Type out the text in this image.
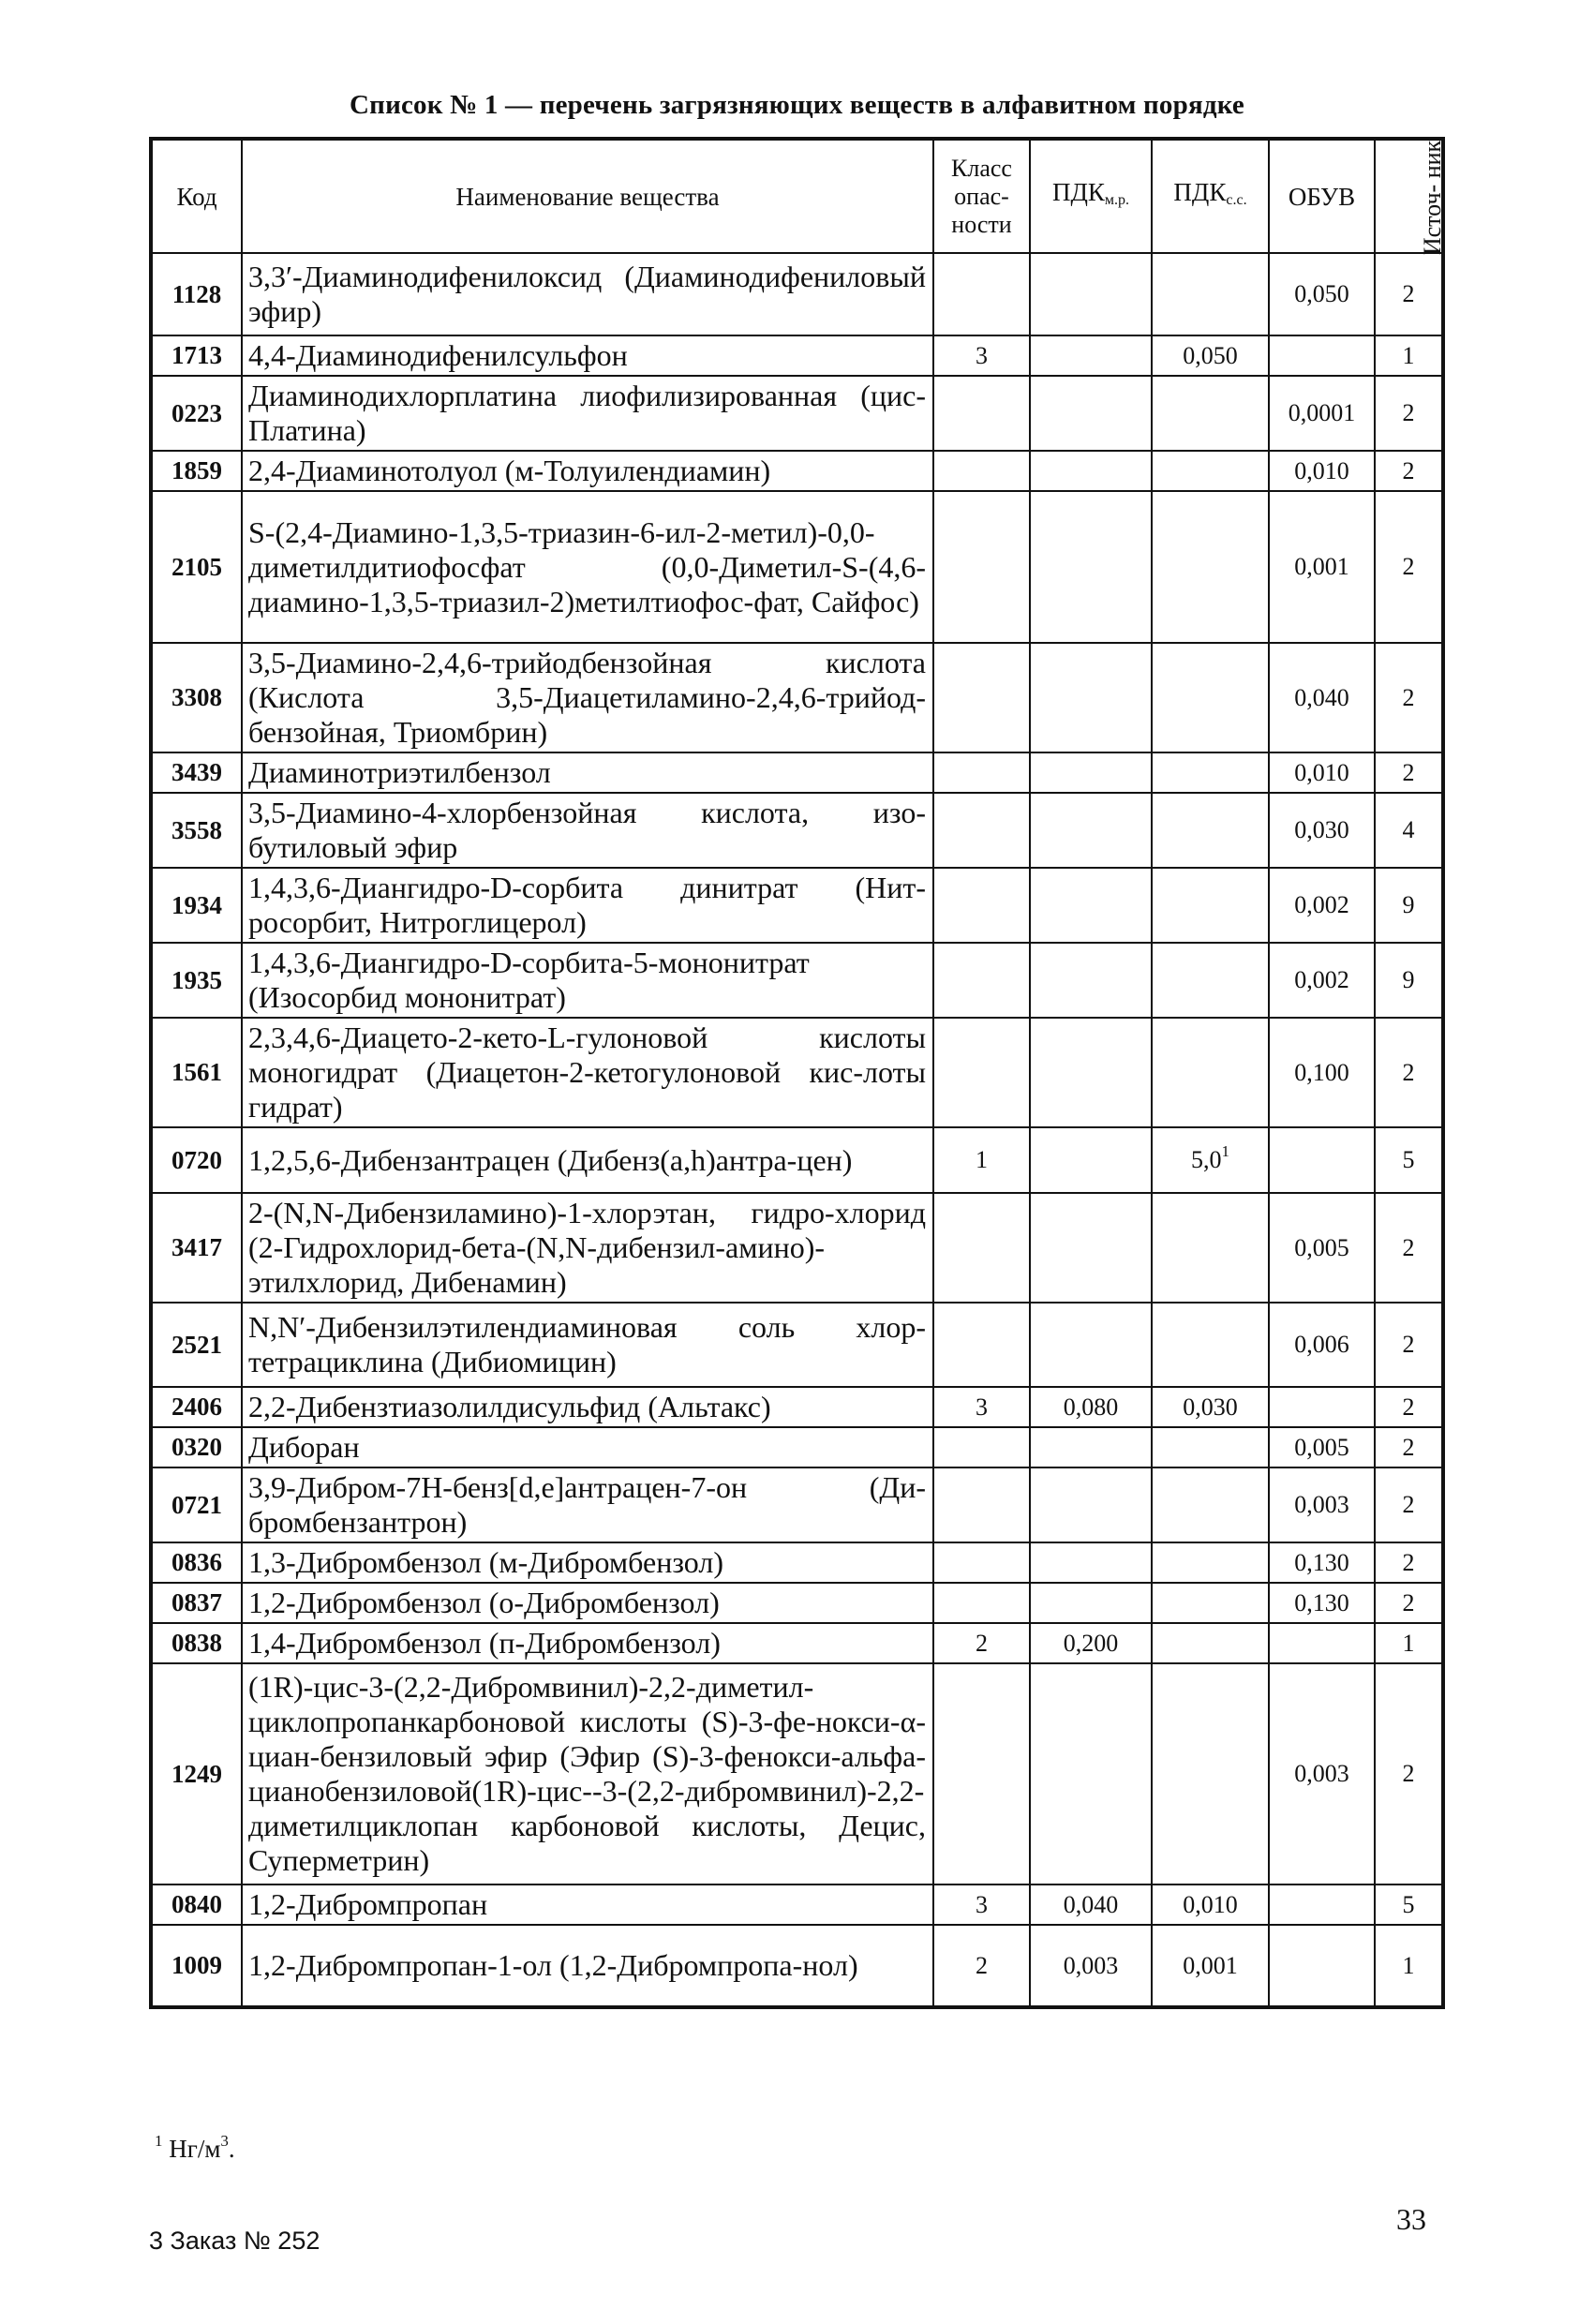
Список № 1 — перечень загрязняющих веществ в алфавитном порядке
Код	Наименование вещества	Класс опас- ности	$ПДК_{м.р.}$	$ПДК_{с.с.}$	ОБУВ	Источ- ник
1128	3,3′-Диаминодифенилоксид (Диаминодифениловый эфир)				0,050	2
1713	4,4-Диаминодифенилсульфон	3		0,050		1
0223	Диаминодихлорплатина лиофилизированная (цис-Платина)				0,0001	2
1859	2,4-Диаминотолуол (м-Толуилендиамин)				0,010	2
2105	S-(2,4-Диамино-1,3,5-триазин-6-ил-2-метил)-0,0-диметилдитиофосфат (0,0-Диметил-S-(4,6-диамино-1,3,5-триазил-2)метилтиофос-фат, Сайфос)				0,001	2
3308	3,5-Диамино-2,4,6-трийодбензойная кислота (Кислота 3,5-Диацетиламино-2,4,6-трийод-бензойная, Триомбрин)				0,040	2
3439	Диаминотриэтилбензол				0,010	2
3558	3,5-Диамино-4-хлорбензойная кислота, изо-бутиловый эфир				0,030	4
1934	1,4,3,6-Диангидро-D-сорбита динитрат (Нит-росорбит, Нитроглицерол)				0,002	9
1935	1,4,3,6-Диангидро-D-сорбита-5-мононитрат (Изосорбид мононитрат)				0,002	9
1561	2,3,4,6-Диацето-2-кето-L-гулоновой кислоты моногидрат (Диацетон-2-кетогулоновой кис-лоты гидрат)				0,100	2
0720	1,2,5,6-Дибензантрацен (Дибенз(a,h)антра-цен)	1		$5,0^1$		5
3417	2-(N,N-Дибензиламино)-1-хлорэтан, гидро-хлорид (2-Гидрохлорид-бета-(N,N-дибензил-амино)-этилхлорид, Дибенамин)				0,005	2
2521	N,N′-Дибензилэтилендиаминовая соль хлор-тетрациклина (Дибиомицин)				0,006	2
2406	2,2-Дибензтиазолилдисульфид (Альтакс)	3	0,080	0,030		2
0320	Диборан				0,005	2
0721	3,9-Дибром-7Н-бенз[d,e]антрацен-7-он (Ди-бромбензантрон)				0,003	2
0836	1,3-Дибромбензол (м-Дибромбензол)				0,130	2
0837	1,2-Дибромбензол (о-Дибромбензол)				0,130	2
0838	1,4-Дибромбензол (п-Дибромбензол)	2	0,200			1
1249	(1R)-цис-3-(2,2-Дибромвинил)-2,2-диметил-циклопропанкарбоновой кислоты (S)-3-фе-нокси-α-циан-бензиловый эфир (Эфир (S)-3-фенокси-альфа-цианобензиловой(1R)-цис--3-(2,2-дибромвинил)-2,2-диметилциклопан карбоновой кислоты, Децис, Суперметрин)				0,003	2
0840	1,2-Дибромпропан	3	0,040	0,010		5
1009	1,2-Дибромпропан-1-ол (1,2-Дибромпропа-нол)	2	0,003	0,001		1
$^1$ $Нг/м^3$.
3 Заказ № 252
33
